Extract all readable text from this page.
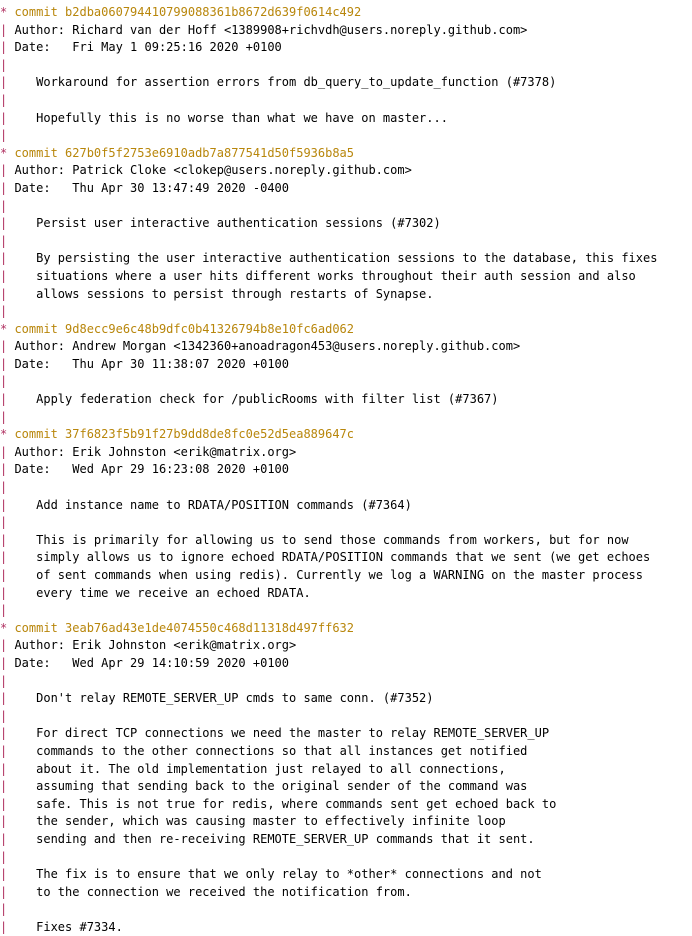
* commit b2dba060794410799088361b8672d639f0614c492
| Author: Richard van der Hoff <1389908+richvdh@users.noreply.github.com>
| Date:   Fri May 1 09:25:16 2020 +0100
|
|    Workaround for assertion errors from db_query_to_update_function (#7378)
|
|    Hopefully this is no worse than what we have on master...
|
* commit 627b0f5f2753e6910adb7a877541d50f5936b8a5
| Author: Patrick Cloke <clokep@users.noreply.github.com>
| Date:   Thu Apr 30 13:47:49 2020 -0400
|
|    Persist user interactive authentication sessions (#7302)
|
|    By persisting the user interactive authentication sessions to the database, this fixes
|    situations where a user hits different works throughout their auth session and also
|    allows sessions to persist through restarts of Synapse.
|
* commit 9d8ecc9e6c48b9dfc0b41326794b8e10fc6ad062
| Author: Andrew Morgan <1342360+anoadragon453@users.noreply.github.com>
| Date:   Thu Apr 30 11:38:07 2020 +0100
|
|    Apply federation check for /publicRooms with filter list (#7367)
|
* commit 37f6823f5b91f27b9dd8de8fc0e52d5ea889647c
| Author: Erik Johnston <erik@matrix.org>
| Date:   Wed Apr 29 16:23:08 2020 +0100
|
|    Add instance name to RDATA/POSITION commands (#7364)
|
|    This is primarily for allowing us to send those commands from workers, but for now
|    simply allows us to ignore echoed RDATA/POSITION commands that we sent (we get echoes
|    of sent commands when using redis). Currently we log a WARNING on the master process
|    every time we receive an echoed RDATA.
|
* commit 3eab76ad43e1de4074550c468d11318d497ff632
| Author: Erik Johnston <erik@matrix.org>
| Date:   Wed Apr 29 14:10:59 2020 +0100
|
|    Don't relay REMOTE_SERVER_UP cmds to same conn. (#7352)
|
|    For direct TCP connections we need the master to relay REMOTE_SERVER_UP
|    commands to the other connections so that all instances get notified
|    about it. The old implementation just relayed to all connections,
|    assuming that sending back to the original sender of the command was
|    safe. This is not true for redis, where commands sent get echoed back to
|    the sender, which was causing master to effectively infinite loop
|    sending and then re-receiving REMOTE_SERVER_UP commands that it sent.
|
|    The fix is to ensure that we only relay to *other* connections and not
|    to the connection we received the notification from.
|
|    Fixes #7334.
